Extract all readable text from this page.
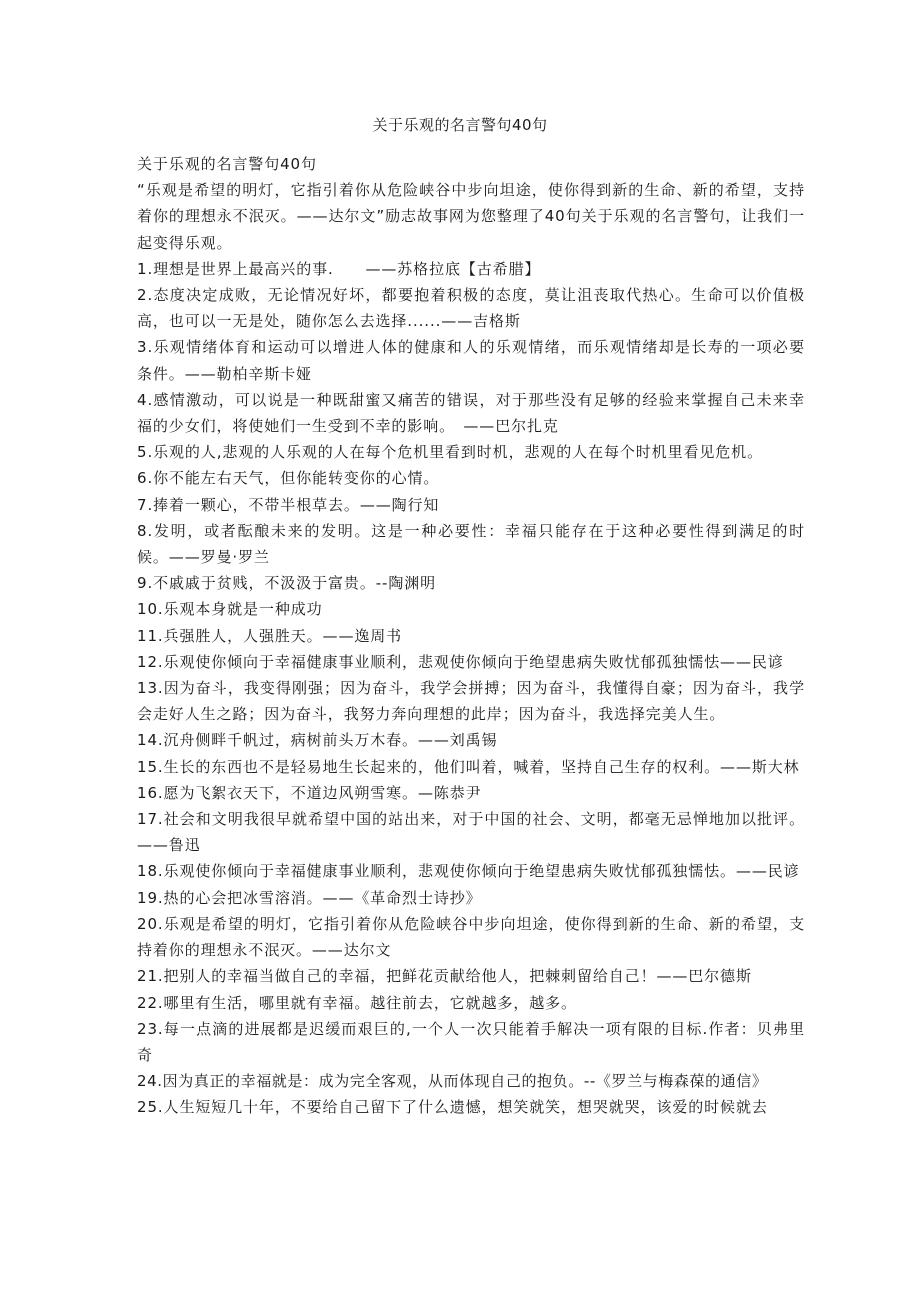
关于乐观的名言警句40句

关于乐观的名言警句40句

“乐观是希望的明灯，它指引着你从危险峡谷中步向坦途，使你得到新的生命、新的希望，支持着你的理想永不泯灭。——达尔文”励志故事网为您整理了40句关于乐观的名言警句，让我们一起变得乐观。

1.理想是世界上最高兴的事.　　——苏格拉底【古希腊】

2.态度决定成败，无论情况好坏，都要抱着积极的态度，莫让沮丧取代热心。生命可以价值极高，也可以一无是处，随你怎么去选择......——吉格斯

3.乐观情绪体育和运动可以增进人体的健康和人的乐观情绪，而乐观情绪却是长寿的一项必要条件。——勒柏辛斯卡娅

4.感情激动，可以说是一种既甜蜜又痛苦的错误，对于那些没有足够的经验来掌握自己未来幸福的少女们，将使她们一生受到不幸的影响。　——巴尔扎克

5.乐观的人,悲观的人乐观的人在每个危机里看到时机，悲观的人在每个时机里看见危机。

6.你不能左右天气，但你能转变你的心情。

7.捧着一颗心，不带半根草去。——陶行知

8.发明，或者酝酿未来的发明。这是一种必要性：幸福只能存在于这种必要性得到满足的时候。——罗曼·罗兰

9.不戚戚于贫贱，不汲汲于富贵。--陶渊明

10.乐观本身就是一种成功

11.兵强胜人，人强胜天。——逸周书

12.乐观使你倾向于幸福健康事业顺利，悲观使你倾向于绝望患病失败忧郁孤独懦怯——民谚

13.因为奋斗，我变得刚强；因为奋斗，我学会拼搏；因为奋斗，我懂得自豪；因为奋斗，我学会走好人生之路；因为奋斗，我努力奔向理想的此岸；因为奋斗，我选择完美人生。

14.沉舟侧畔千帆过，病树前头万木春。——刘禹锡

15.生长的东西也不是轻易地生长起来的，他们叫着，喊着，坚持自己生存的权利。——斯大林

16.愿为飞絮衣天下，不道边风朔雪寒。—陈恭尹

17.社会和文明我很早就希望中国的站出来，对于中国的社会、文明，都毫无忌惮地加以批评。——鲁迅

18.乐观使你倾向于幸福健康事业顺利，悲观使你倾向于绝望患病失败忧郁孤独懦怯。——民谚

19.热的心会把冰雪溶消。——《革命烈士诗抄》

20.乐观是希望的明灯，它指引着你从危险峡谷中步向坦途，使你得到新的生命、新的希望，支持着你的理想永不泯灭。——达尔文

21.把别人的幸福当做自己的幸福，把鲜花贡献给他人，把棘刺留给自己！——巴尔德斯

22.哪里有生活，哪里就有幸福。越往前去，它就越多，越多。

23.每一点滴的进展都是迟缓而艰巨的,一个人一次只能着手解决一项有限的目标.作者：贝弗里奇

24.因为真正的幸福就是：成为完全客观，从而体现自己的抱负。--《罗兰与梅森葆的通信》

25.人生短短几十年，不要给自己留下了什么遗憾，想笑就笑，想哭就哭，该爱的时候就去
